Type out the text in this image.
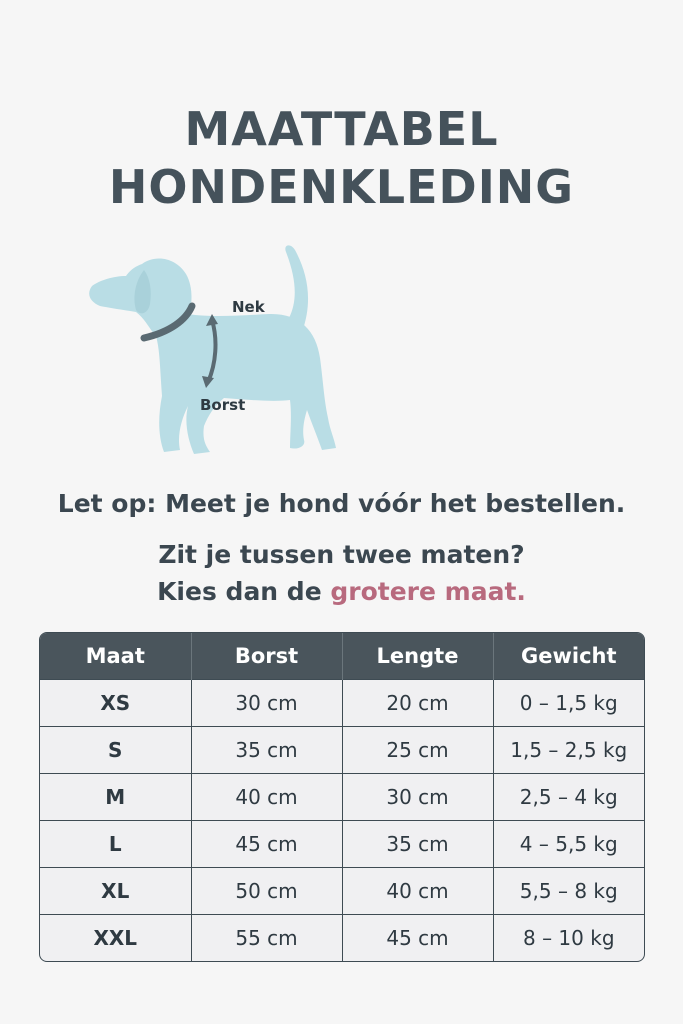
MAATTABEL
HONDENKLEDING
Nek
Borst
Let op: Meet je hond vóór het bestellen.
Zit je tussen twee maten?
Kies dan de grotere maat.
Maat	Borst	Lengte	Gewicht
XS	30 cm	20 cm	0 – 1,5 kg
S	35 cm	25 cm	1,5 – 2,5 kg
M	40 cm	30 cm	2,5 – 4 kg
L	45 cm	35 cm	4 – 5,5 kg
XL	50 cm	40 cm	5,5 – 8 kg
XXL	55 cm	45 cm	8 – 10 kg
